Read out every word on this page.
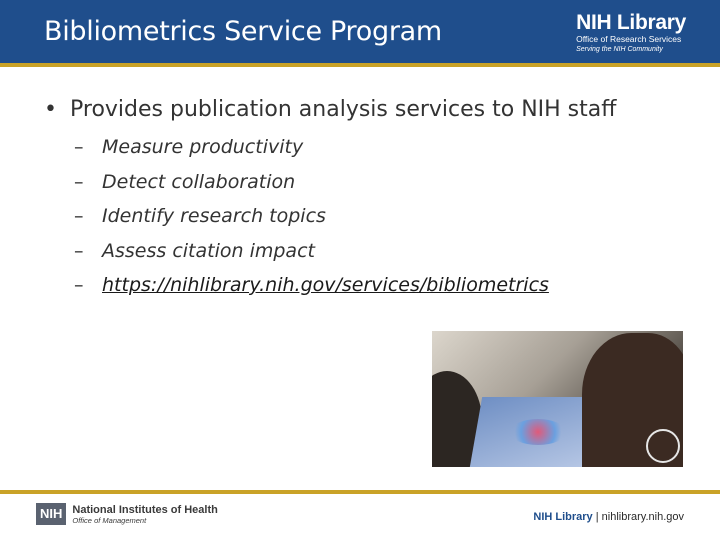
Bibliometrics Service Program	NIH Library
Office of Research Services
Serving the NIH Community
• Provides publication analysis services to NIH staff
– Measure productivity
– Detect collaboration
– Identify research topics
– Assess citation impact
– https://nihlibrary.nih.gov/services/bibliometrics
NIH National Institutes of Health
Office of Management	NIH Library | nihlibrary.nih.gov
